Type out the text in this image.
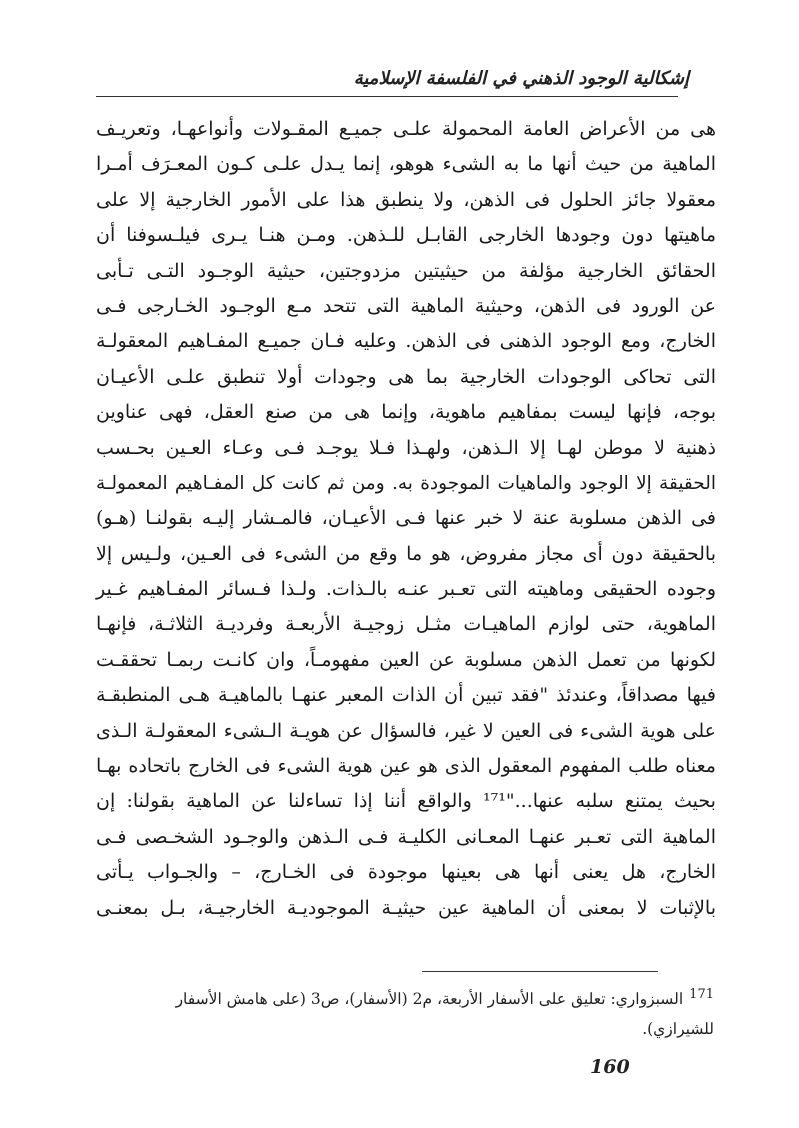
إشكالية الوجود الذهني في الفلسفة الإسلامية
هى من الأعراض العامة المحمولة علـى جميـع المقـولات وأنواعهـا، وتعريـف
الماهية من حيث أنها ما به الشىء هوهو، إنما يـدل علـى كـون المعـرَف أمـرا
معقولا جائز الحلول فى الذهن، ولا ينطبق هذا على الأمور الخارجية إلا على
ماهيتها دون وجودها الخارجى القابـل للـذهن. ومـن هنـا يـرى فيلـسوفنا أن
الحقائق الخارجية مؤلفة من حيثيتين مزدوجتين، حيثية الوجـود التـى تـأبى
عن الورود فى الذهن، وحيثية الماهية التى تتحد مـع الوجـود الخـارجى فـى
الخارج، ومع الوجود الذهنى فى الذهن. وعليه فـان جميـع المفـاهيم المعقولـة
التى تحاكى الوجودات الخارجية بما هى وجودات أولا تنطبق علـى الأعيـان
بوجه، فإنها ليست بمفاهيم ماهوية، وإنما هى من صنع العقل، فهى عناوين
ذهنية لا موطن لهـا إلا الـذهن، ولهـذا فـلا يوجـد فـى وعـاء العـين بحـسب
الحقيقة إلا الوجود والماهيات الموجودة به. ومن ثم كانت كل المفـاهيم المعمولـة
فى الذهن مسلوبة عنة لا خبر عنها فـى الأعيـان، فالمـشار إليـه بقولنـا (هـو)
بالحقيقة دون أى مجاز مفروض، هو ما وقع من الشىء فى العـين، ولـيس إلا
وجوده الحقيقى وماهيته التى تعـبر عنـه بالـذات. ولـذا فـسائر المفـاهيم غـير
الماهوية، حتى لوازم الماهيـات مثـل زوجيـة الأربعـة وفرديـة الثلاثـة، فإنهـا
لكونها من تعمل الذهن مسلوبة عن العين مفهومـاً، وان كانـت ربمـا تحققـت
فيها مصداقاً، وعندئذ "فقد تبين أن الذات المعبر عنهـا بالماهيـة هـى المنطبقـة
على هوية الشىء فى العين لا غير، فالسؤال عن هويـة الـشىء المعقولـة الـذى
معناه طلب المفهوم المعقول الذى هو عين هوية الشىء فى الخارج باتحاده بهـا
بحيث يمتنع سلبه عنها..."¹⁷¹ والواقع أننا إذا تساءلنا عن الماهية بقولنا: إن
الماهية التى تعـبر عنهـا المعـانى الكليـة فـى الـذهن والوجـود الشخـصى فـى
الخارج، هل يعنى أنها هى بعينها موجودة فى الخـارج، – والجـواب يـأتى
بالإثبات لا بمعنى أن الماهية عين حيثيـة الموجوديـة الخارجيـة، بـل بمعنـى
$^{171}$السبزواري: تعليق على الأسفار الأربعة، م2 (الأسفار)، ص3 (على هامش الأسفار
للشيرازي).
160
